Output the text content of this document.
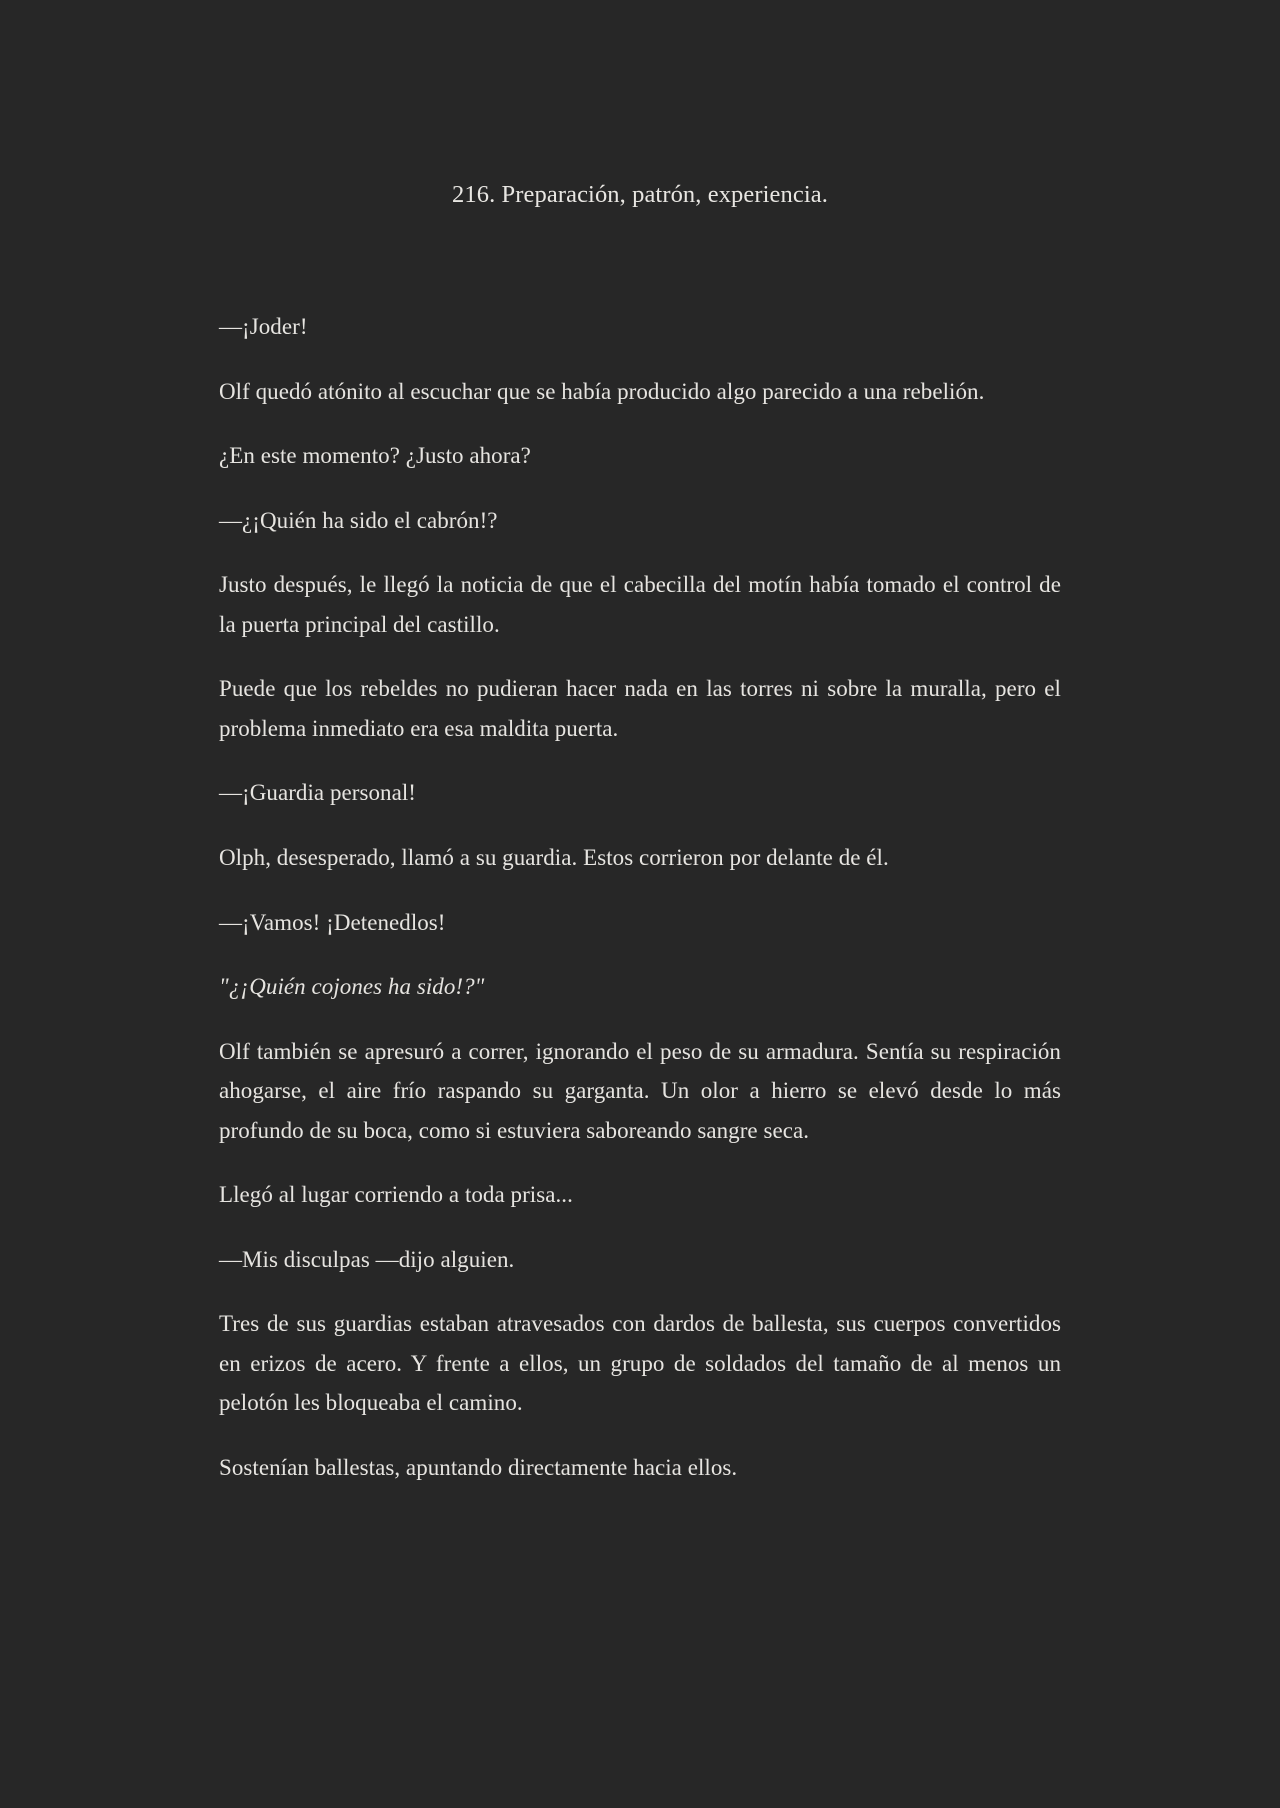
216. Preparación, patrón, experiencia.

—¡Joder!

Olf quedó atónito al escuchar que se había producido algo parecido a una rebelión.

¿En este momento? ¿Justo ahora?

—¿¡Quién ha sido el cabrón!?

Justo después, le llegó la noticia de que el cabecilla del motín había tomado el control de la puerta principal del castillo.

Puede que los rebeldes no pudieran hacer nada en las torres ni sobre la muralla, pero el problema inmediato era esa maldita puerta.

—¡Guardia personal!

Olph, desesperado, llamó a su guardia. Estos corrieron por delante de él.

—¡Vamos! ¡Detenedlos!

"¿¡Quién cojones ha sido!?"

Olf también se apresuró a correr, ignorando el peso de su armadura. Sentía su respiración ahogarse, el aire frío raspando su garganta. Un olor a hierro se elevó desde lo más profundo de su boca, como si estuviera saboreando sangre seca.

Llegó al lugar corriendo a toda prisa...

—Mis disculpas —dijo alguien.

Tres de sus guardias estaban atravesados con dardos de ballesta, sus cuerpos convertidos en erizos de acero. Y frente a ellos, un grupo de soldados del tamaño de al menos un pelotón les bloqueaba el camino.

Sostenían ballestas, apuntando directamente hacia ellos.
